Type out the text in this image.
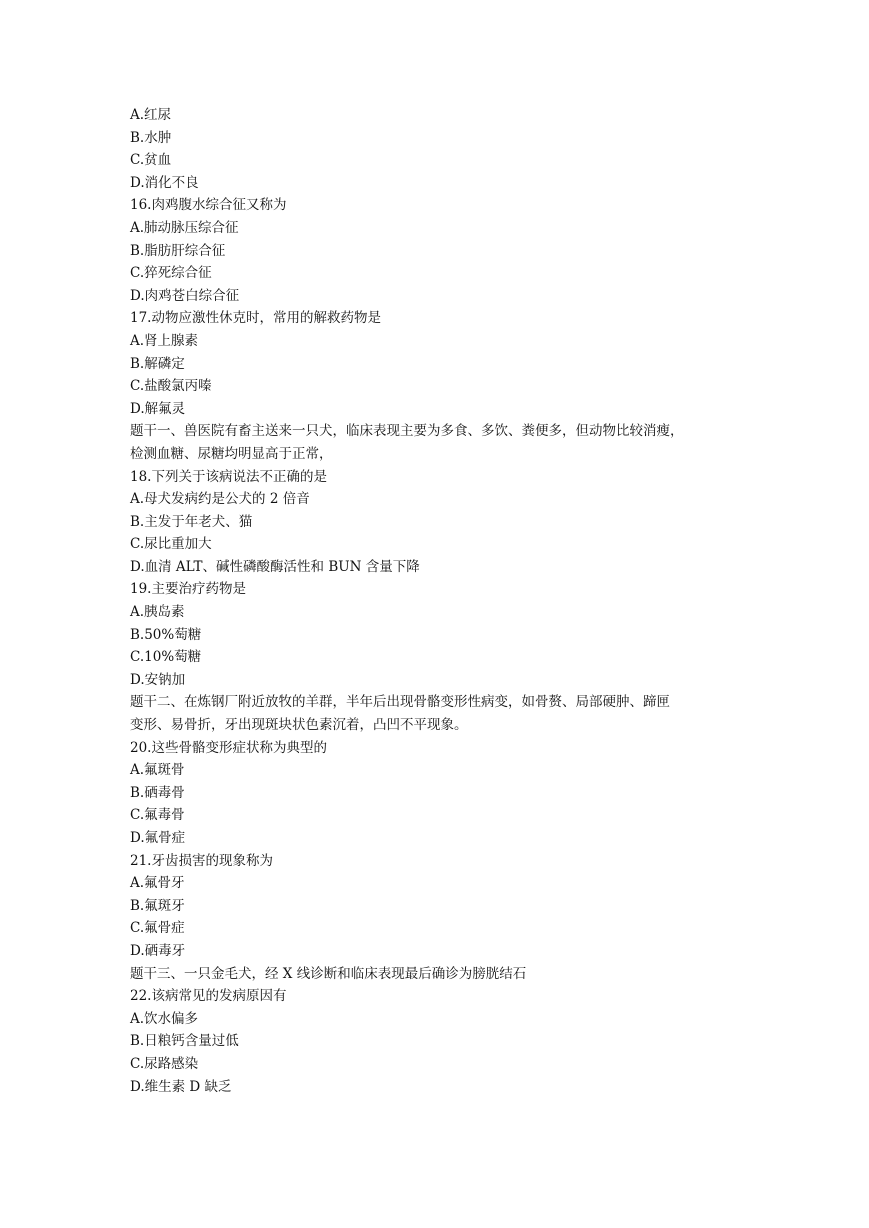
A.红尿

B.水肿

C.贫血

D.消化不良

16.肉鸡腹水综合征又称为

A.肺动脉压综合征

B.脂肪肝综合征

C.猝死综合征

D.肉鸡苍白综合征

17.动物应激性休克时，常用的解救药物是

A.肾上腺素

B.解磷定

C.盐酸氯丙嗪

D.解氟灵

题干一、兽医院有畜主送来一只犬，临床表现主要为多食、多饮、粪便多，但动物比较消瘦，

检测血糖、尿糖均明显高于正常，

18.下列关于该病说法不正确的是

A.母犬发病约是公犬的 2 倍音

B.主发于年老犬、猫

C.尿比重加大

D.血清 ALT、碱性磷酸酶活性和 BUN 含量下降

19.主要治疗药物是

A.胰岛素

B.50%萄糖

C.10%萄糖

D.安钠加

题干二、在炼钢厂附近放牧的羊群，半年后出现骨骼变形性病变，如骨赘、局部硬肿、蹄匣

变形、易骨折，牙出现斑块状色素沉着，凸凹不平现象。

20.这些骨骼变形症状称为典型的

A.氟斑骨

B.硒毒骨

C.氟毒骨

D.氟骨症

21.牙齿损害的现象称为

A.氟骨牙

B.氟斑牙

C.氟骨症

D.硒毒牙

题干三、一只金毛犬，经 X 线诊断和临床表现最后确诊为膀胱结石

22.该病常见的发病原因有

A.饮水偏多

B.日粮钙含量过低

C.尿路感染

D.维生素 D 缺乏
